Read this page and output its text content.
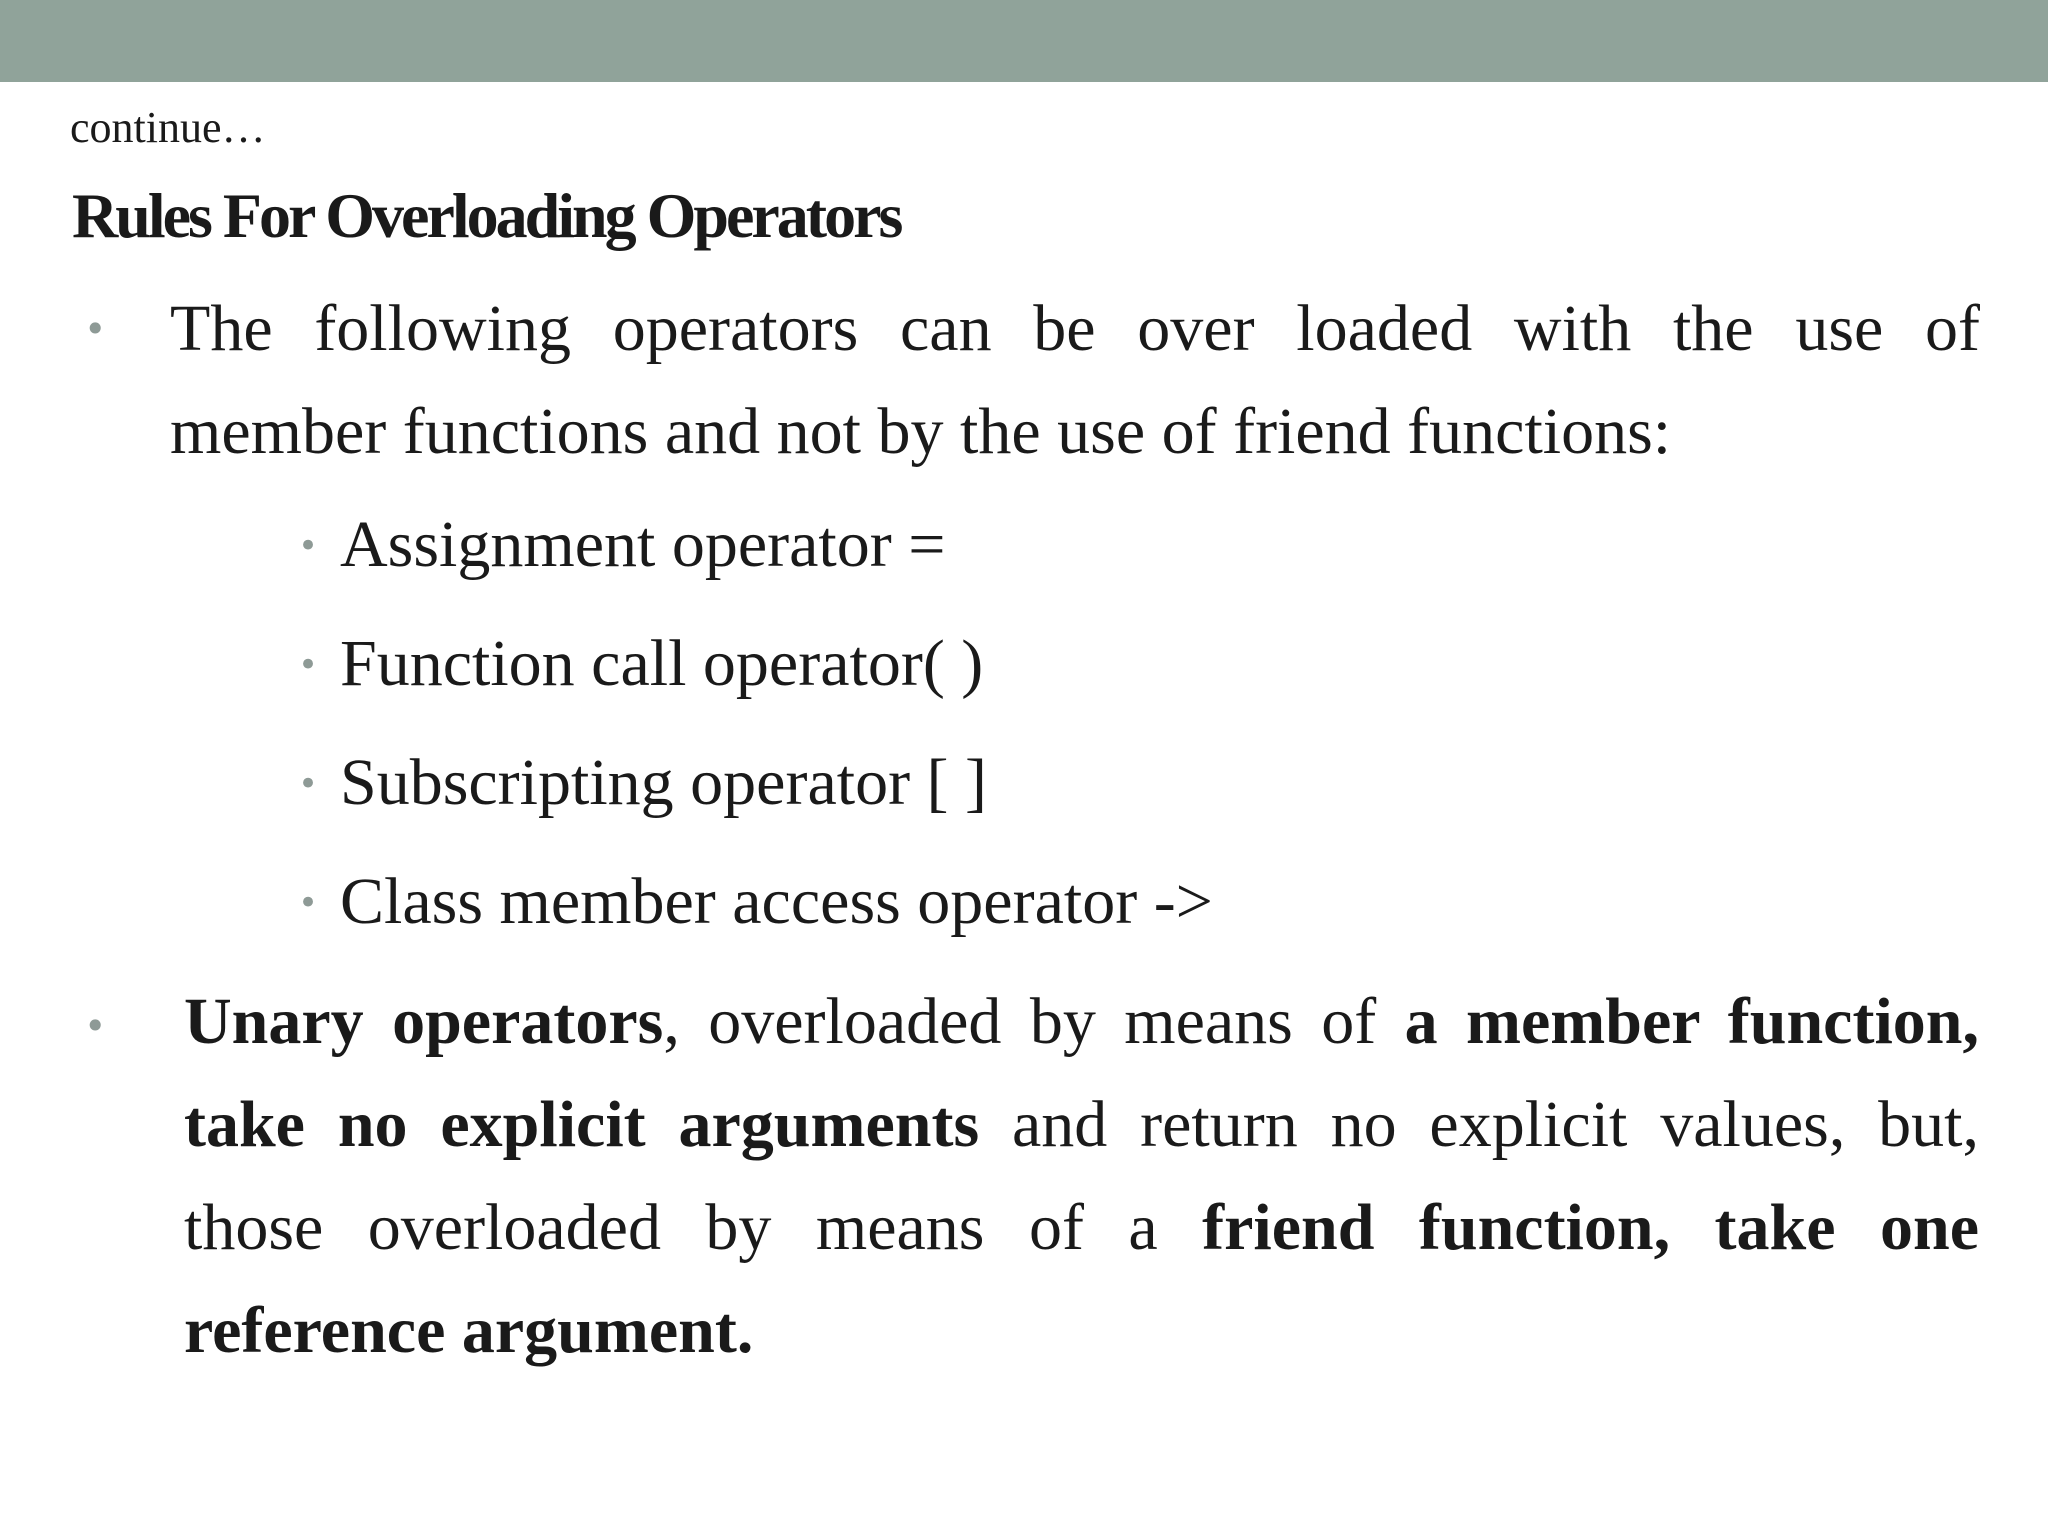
continue…
Rules For Overloading Operators
• The following operators can be over loaded with the use of
member functions and not by the use of friend functions:
• Assignment operator =
• Function call operator( )
• Subscripting operator [ ]
• Class member access operator ->
• Unary operators, overloaded by means of a member function,
take no explicit arguments and return no explicit values, but,
those overloaded by means of a friend function, take one
reference argument.
